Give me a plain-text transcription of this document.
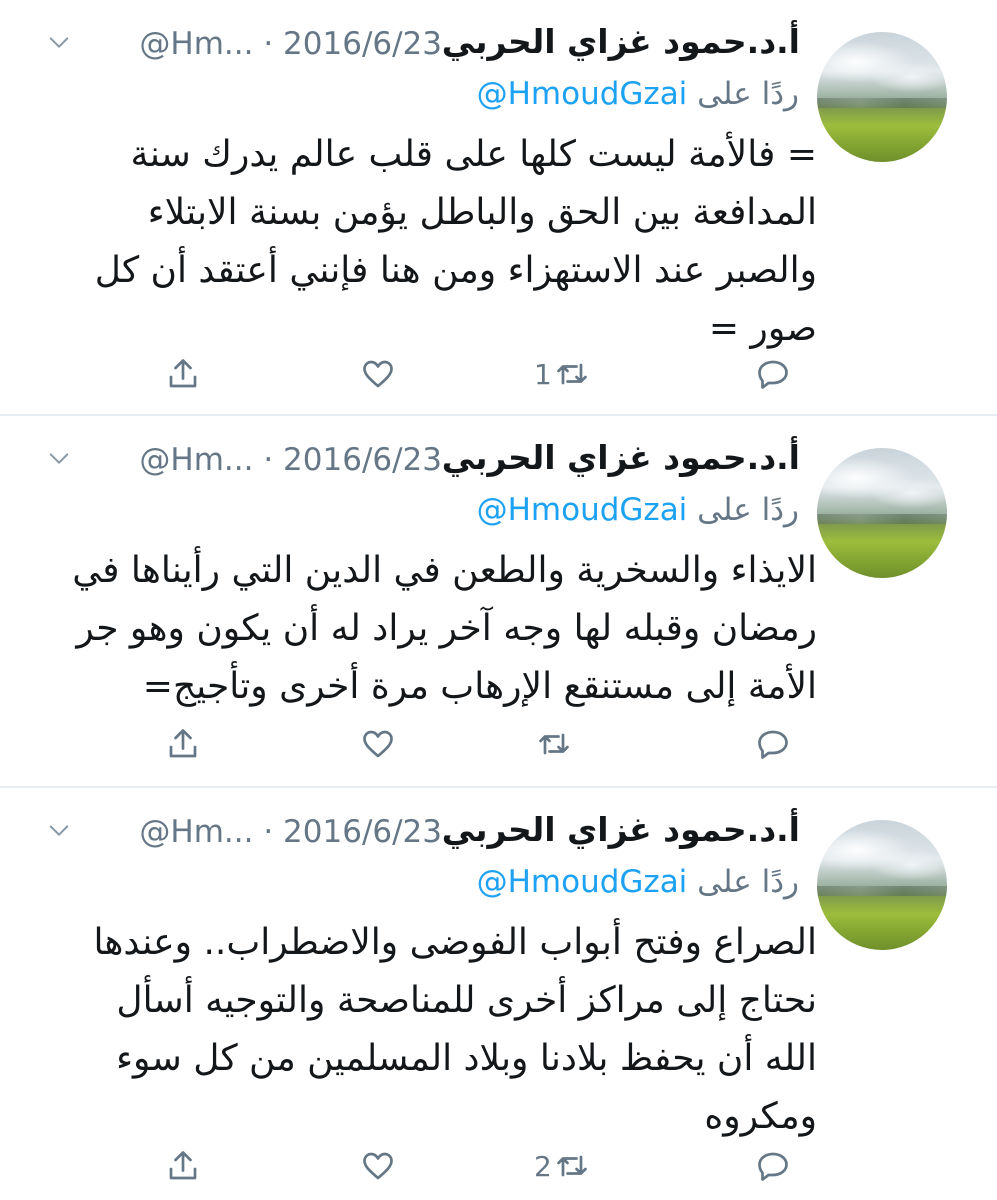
أ.د.حمود غزاي الحربي
@Hm... · 2016/6/23
ردًا على @HmoudGzai
= فالأمة ليست كلها على قلب عالم يدرك سنة
المدافعة بين الحق والباطل يؤمن بسنة الابتلاء
والصبر عند الاستهزاء ومن هنا فإنني أعتقد أن كل
صور =
1
أ.د.حمود غزاي الحربي
@Hm... · 2016/6/23
ردًا على @HmoudGzai
الايذاء والسخرية والطعن في الدين التي رأيناها في
رمضان وقبله لها وجه آخر يراد له أن يكون وهو جر
الأمة إلى مستنقع الإرهاب مرة أخرى وتأجيج=
أ.د.حمود غزاي الحربي
@Hm... · 2016/6/23
ردًا على @HmoudGzai
الصراع وفتح أبواب الفوضى والاضطراب.. وعندها
نحتاج إلى مراكز أخرى للمناصحة والتوجيه أسأل
الله أن يحفظ بلادنا وبلاد المسلمين من كل سوء
ومكروه
2
